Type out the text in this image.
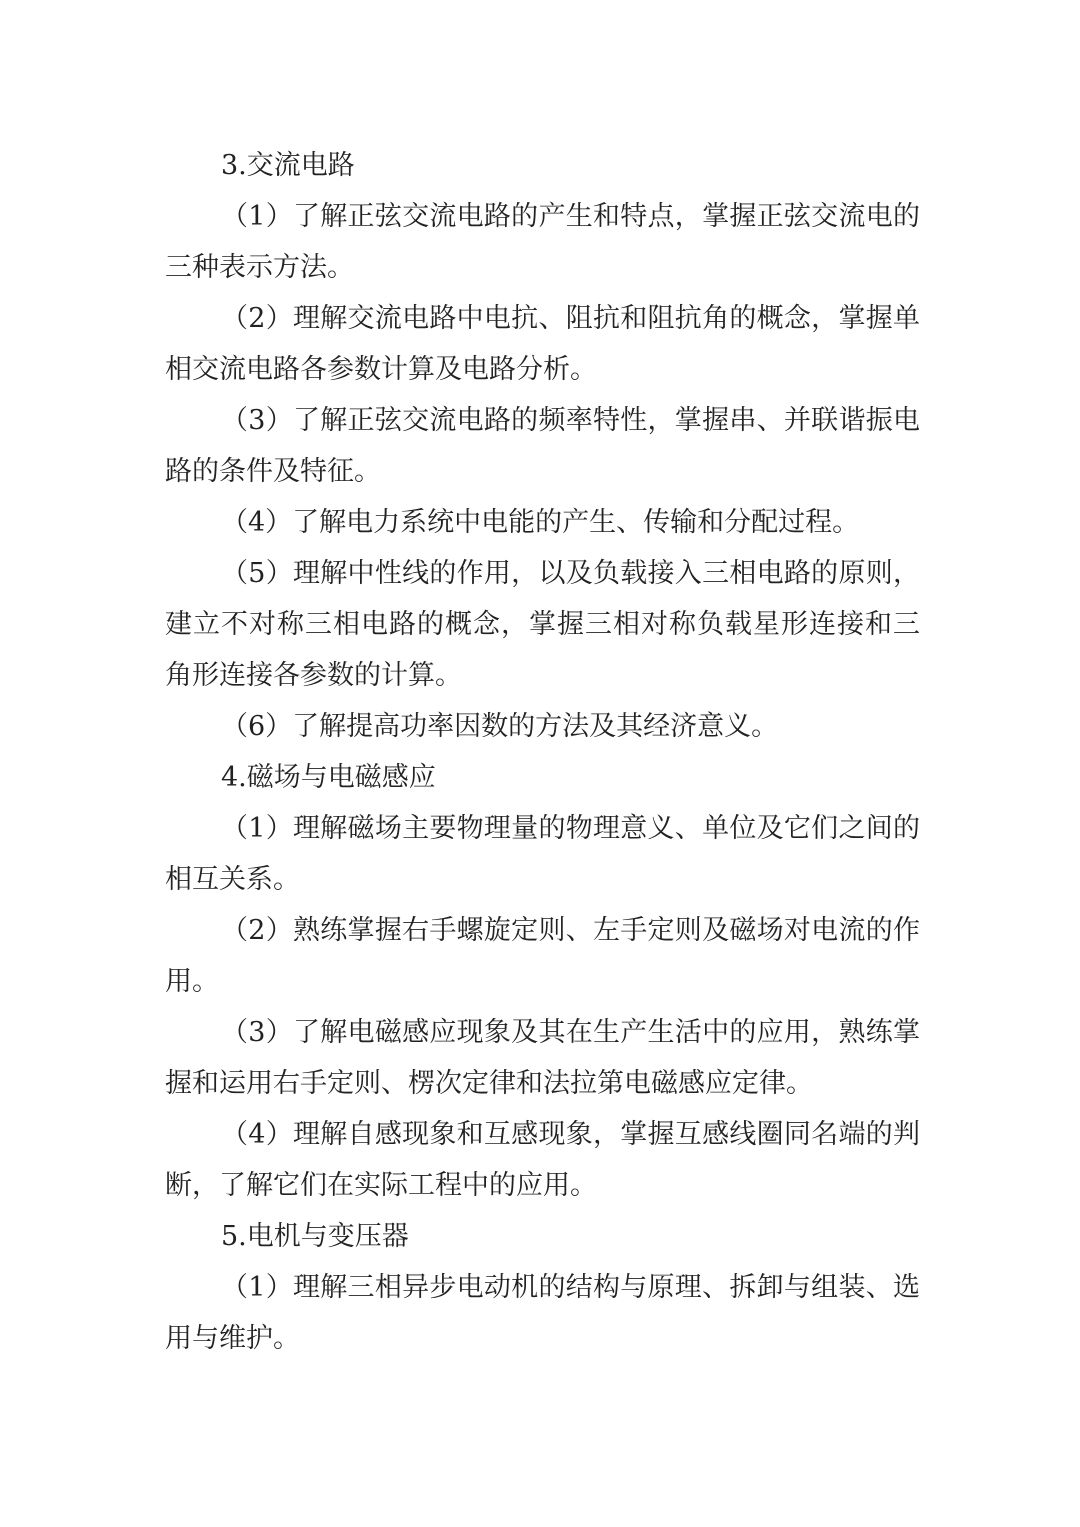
3.交流电路

（1）了解正弦交流电路的产生和特点，掌握正弦交流电的三种表示方法。

（2）理解交流电路中电抗、阻抗和阻抗角的概念，掌握单相交流电路各参数计算及电路分析。

（3）了解正弦交流电路的频率特性，掌握串、并联谐振电路的条件及特征。

（4）了解电力系统中电能的产生、传输和分配过程。

（5）理解中性线的作用，以及负载接入三相电路的原则，建立不对称三相电路的概念，掌握三相对称负载星形连接和三角形连接各参数的计算。

（6）了解提高功率因数的方法及其经济意义。

4.磁场与电磁感应

（1）理解磁场主要物理量的物理意义、单位及它们之间的相互关系。

（2）熟练掌握右手螺旋定则、左手定则及磁场对电流的作用。

（3）了解电磁感应现象及其在生产生活中的应用，熟练掌握和运用右手定则、楞次定律和法拉第电磁感应定律。

（4）理解自感现象和互感现象，掌握互感线圈同名端的判断，了解它们在实际工程中的应用。

5.电机与变压器

（1）理解三相异步电动机的结构与原理、拆卸与组装、选用与维护。
